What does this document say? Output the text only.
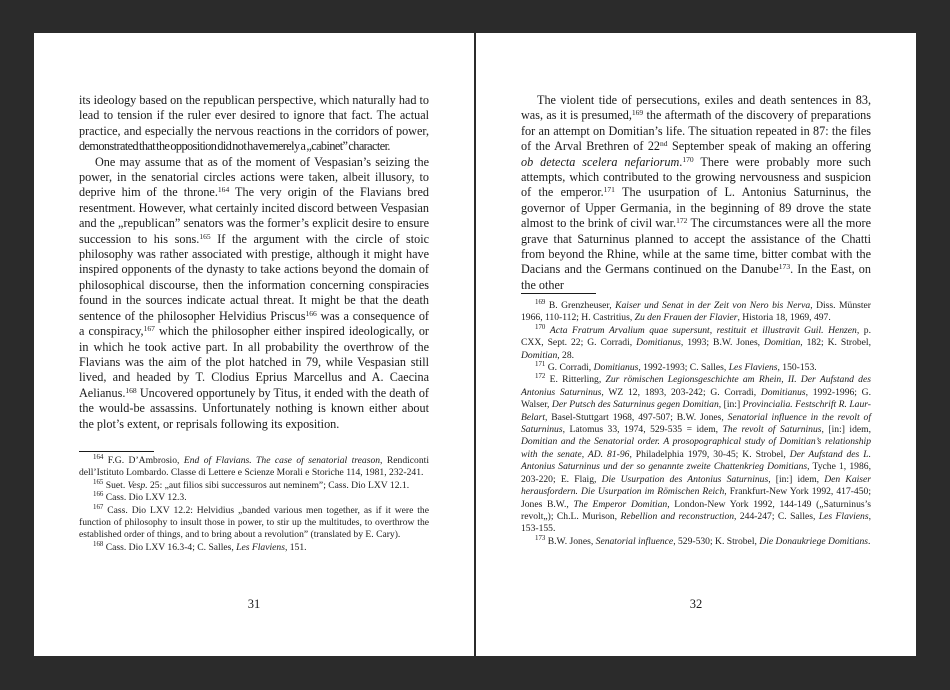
its ideology based on the republican perspective, which naturally had to lead to tension if the ruler ever desired to ignore that fact. The actual practice, and especially the nervous reactions in the corridors of power, demonstrated that the opposition did not have merely a „cabinet” character.

One may assume that as of the moment of Vespasian’s seizing the power, in the senatorial circles actions were taken, albeit illusory, to deprive him of the throne.$^{164}$ The very origin of the Flavians bred resentment. However, what certainly incited discord between Vespasian and the „republican” senators was the former’s explicit desire to ensure succession to his sons.$^{165}$ If the argument with the circle of stoic philosophy was rather associated with prestige, although it might have inspired opponents of the dynasty to take actions beyond the domain of philosophical discourse, then the information concerning conspiracies found in the sources indicate actual threat. It might be that the death sentence of the philosopher Helvidius Priscus$^{166}$ was a consequence of a conspiracy,$^{167}$ which the philosopher either inspired ideologically, or in which he took active part. In all probability the overthrow of the Flavians was the aim of the plot hatched in 79, while Vespasian still lived, and headed by T. Clodius Eprius Marcellus and A. Caecina Aelianus.$^{168}$ Uncovered opportunely by Titus, it ended with the death of the would-be assassins. Unfortunately nothing is known either about the plot’s extent, or reprisals following its exposition.

$^{164}$ F.G. D’Ambrosio, End of Flavians. The case of senatorial treason, Rendiconti dell’Istituto Lombardo. Classe di Lettere e Scienze Morali e Storiche 114, 1981, 232-241.

$^{165}$ Suet. Vesp. 25: „aut filios sibi successuros aut neminem”; Cass. Dio LXV 12.1.

$^{166}$ Cass. Dio LXV 12.3.

$^{167}$ Cass. Dio LXV 12.2: Helvidius „banded various men together, as if it were the function of philosophy to insult those in power, to stir up the multitudes, to overthrow the established order of things, and to bring about a revolution” (translated by E. Cary).

$^{168}$ Cass. Dio LXV 16.3-4; C. Salles, Les Flaviens, 151.

31

The violent tide of persecutions, exiles and death sentences in 83, was, as it is presumed,$^{169}$ the aftermath of the discovery of preparations for an attempt on Domitian’s life. The situation repeated in 87: the files of the Arval Brethren of 22nd September speak of making an offering ob detecta scelera nefariorum.$^{170}$ There were probably more such attempts, which contributed to the growing nervousness and suspicion of the emperor.$^{171}$ The usurpation of L. Antonius Saturninus, the governor of Upper Germania, in the beginning of 89 drove the state almost to the brink of civil war.$^{172}$ The circumstances were all the more grave that Saturninus planned to accept the assistance of the Chatti from beyond the Rhine, while at the same time, bitter combat with the Dacians and the Germans continued on the Danube$^{173}$. In the East, on the other

$^{169}$ B. Grenzheuser, Kaiser und Senat in der Zeit von Nero bis Nerva, Diss. Münster 1966, 110-112; H. Castritius, Zu den Frauen der Flavier, Historia 18, 1969, 497.

$^{170}$ Acta Fratrum Arvalium quae supersunt, restituit et illustravit Guil. Henzen, p. CXX, Sept. 22; G. Corradi, Domitianus, 1993; B.W. Jones, Domitian, 182; K. Strobel, Domitian, 28.

$^{171}$ G. Corradi, Domitianus, 1992-1993; C. Salles, Les Flaviens, 150-153.

$^{172}$ E. Ritterling, Zur römischen Legionsgeschichte am Rhein, II. Der Aufstand des Antonius Saturninus, WZ 12, 1893, 203-242; G. Corradi, Domitianus, 1992-1996; G. Walser, Der Putsch des Saturninus gegen Domitian, [in:] Provincialia. Festschrift R. Laur-Belart, Basel-Stuttgart 1968, 497-507; B.W. Jones, Senatorial influence in the revolt of Saturninus, Latomus 33, 1974, 529-535 = idem, The revolt of Saturninus, [in:] idem, Domitian and the Senatorial order. A prosopographical study of Domitian’s relationship with the senate, AD. 81-96, Philadelphia 1979, 30-45; K. Strobel, Der Aufstand des L. Antonius Saturninus und der so genannte zweite Chattenkrieg Domitians, Tyche 1, 1986, 203-220; E. Flaig, Die Usurpation des Antonius Saturninus, [in:] idem, Den Kaiser herausfordern. Die Usurpation im Römischen Reich, Frankfurt-New York 1992, 417-450; Jones B.W., The Emperor Domitian, London-New York 1992, 144-149 („Saturninus’s revolt„); Ch.L. Murison, Rebellion and reconstruction, 244-247; C. Salles, Les Flaviens, 153-155.

$^{173}$ B.W. Jones, Senatorial influence, 529-530; K. Strobel, Die Donaukriege Domitians.

32
